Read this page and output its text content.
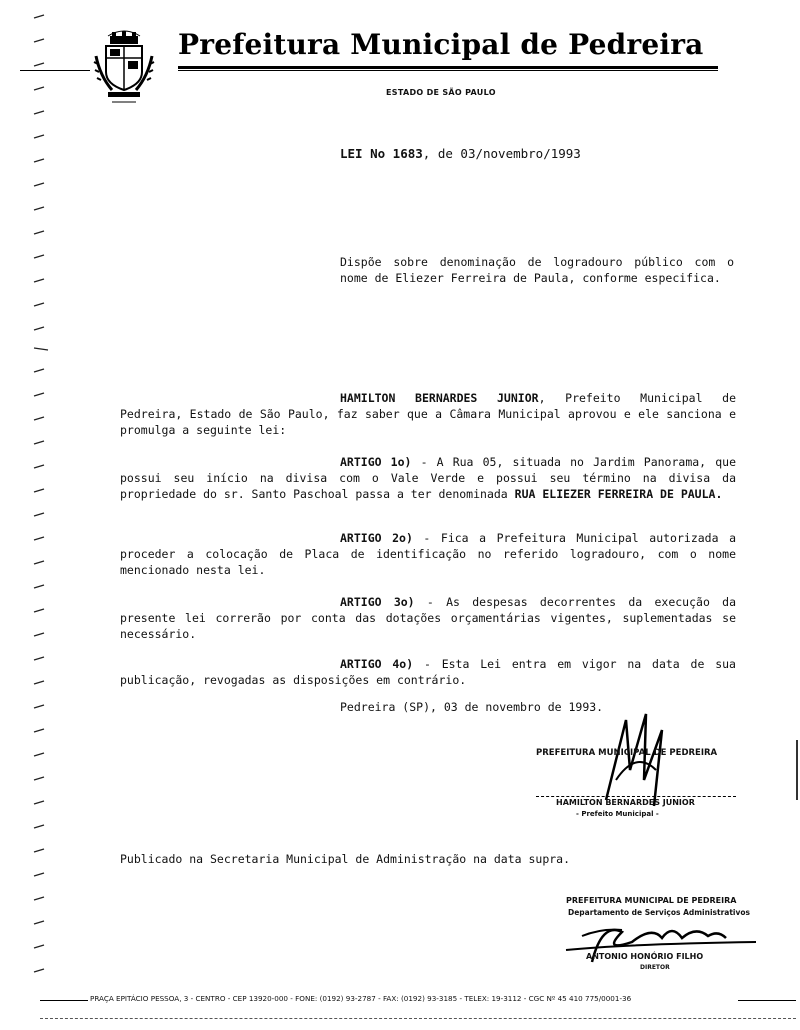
Prefeitura Municipal de Pedreira
ESTADO DE SÃO PAULO
LEI No 1683, de 03/novembro/1993
Dispõe sobre denominação de logradouro público com o nome de Eliezer Ferreira de Paula, conforme especifica.
HAMILTON BERNARDES JUNIOR, Prefeito Municipal de Pedreira, Estado de São Paulo, faz saber que a Câmara Municipal aprovou e ele sanciona e promulga a seguinte lei:
ARTIGO 1o) - A Rua 05, situada no Jardim Panorama, que possui seu início na divisa com o Vale Verde e possui seu término na divisa da propriedade do sr. Santo Paschoal passa a ter denominada RUA ELIEZER FERREIRA DE PAULA.
ARTIGO 2o) - Fica a Prefeitura Municipal autorizada a proceder a colocação de Placa de identificação no referido logradouro, com o nome mencionado nesta lei.
ARTIGO 3o) - As despesas decorrentes da execução da presente lei correrão por conta das dotações orçamentárias vigentes, suplementadas se necessário.
ARTIGO 4o) - Esta Lei entra em vigor na data de sua publicação, revogadas as disposições em contrário.
Pedreira (SP), 03 de novembro de 1993.
PREFEITURA MUNICIPAL DE PEDREIRA
HAMILTON BERNARDES JUNIOR
- Prefeito Municipal -
Publicado na Secretaria Municipal de Administração na data supra.
PREFEITURA MUNICIPAL DE PEDREIRA
Departamento de Serviços Administrativos
ANTONIO HONÓRIO FILHO
DIRETOR
PRAÇA EPITÁCIO PESSOA, 3 - CENTRO - CEP 13920-000 - FONE: (0192) 93-2787 - FAX: (0192) 93-3185 - TELEX: 19-3112 - CGC Nº 45 410 775/0001-36
